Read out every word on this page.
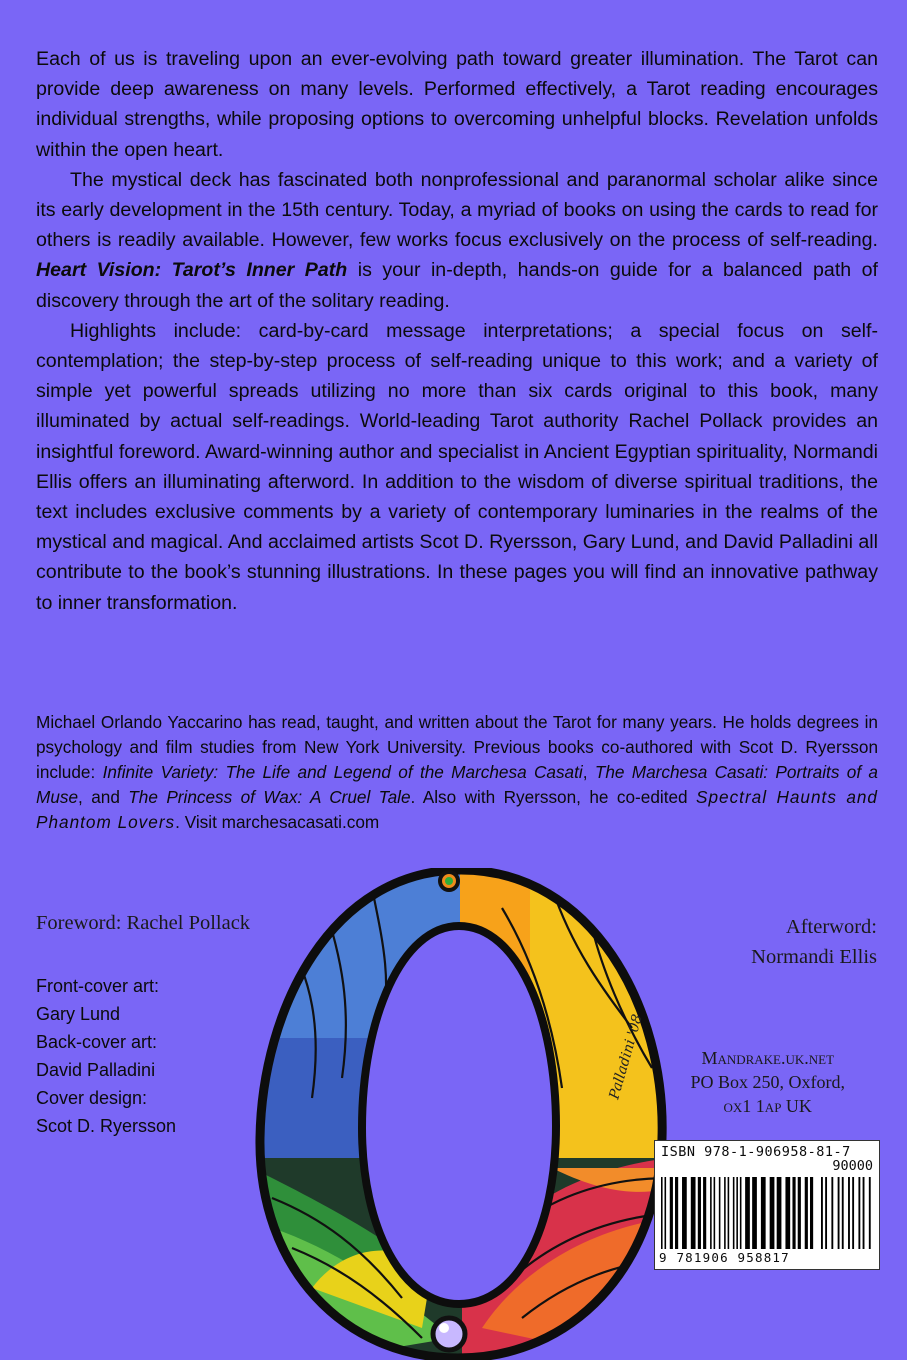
Each of us is traveling upon an ever-evolving path toward greater illumination. The Tarot can provide deep awareness on many levels. Performed effectively, a Tarot reading encourages individual strengths, while proposing options to overcoming unhelpful blocks. Revelation unfolds within the open heart.

The mystical deck has fascinated both nonprofessional and paranormal scholar alike since its early development in the 15th century. Today, a myriad of books on using the cards to read for others is readily available. However, few works focus exclusively on the process of self-reading. Heart Vision: Tarot’s Inner Path is your in-depth, hands-on guide for a balanced path of discovery through the art of the solitary reading.

Highlights include: card-by-card message interpretations; a special focus on self-contemplation; the step-by-step process of self-reading unique to this work; and a variety of simple yet powerful spreads utilizing no more than six cards original to this book, many illuminated by actual self-readings. World-leading Tarot authority Rachel Pollack provides an insightful foreword. Award-winning author and specialist in Ancient Egyptian spirituality, Normandi Ellis offers an illuminating afterword. In addition to the wisdom of diverse spiritual traditions, the text includes exclusive comments by a variety of contemporary luminaries in the realms of the mystical and magical. And acclaimed artists Scot D. Ryersson, Gary Lund, and David Palladini all contribute to the book’s stunning illustrations. In these pages you will find an innovative pathway to inner transformation.

Michael Orlando Yaccarino has read, taught, and written about the Tarot for many years. He holds degrees in psychology and film studies from New York University. Previous books co-authored with Scot D. Ryersson include: Infinite Variety: The Life and Legend of the Marchesa Casati, The Marchesa Casati: Portraits of a Muse, and The Princess of Wax: A Cruel Tale. Also with Ryersson, he co-edited Spectral Haunts and Phantom Lovers. Visit marchesacasati.com

Palladini '08
Foreword: Rachel Pollack	Afterword:
Normandi Ellis
Front-cover art:
Gary Lund
Back-cover art:
David Palladini
Cover design:
Scot D. Ryersson
Mandrake.uk.net
PO Box 250, Oxford,
ox1 1ap UK
ISBN 978-1-906958-81-7
90000
9 781906 958817
